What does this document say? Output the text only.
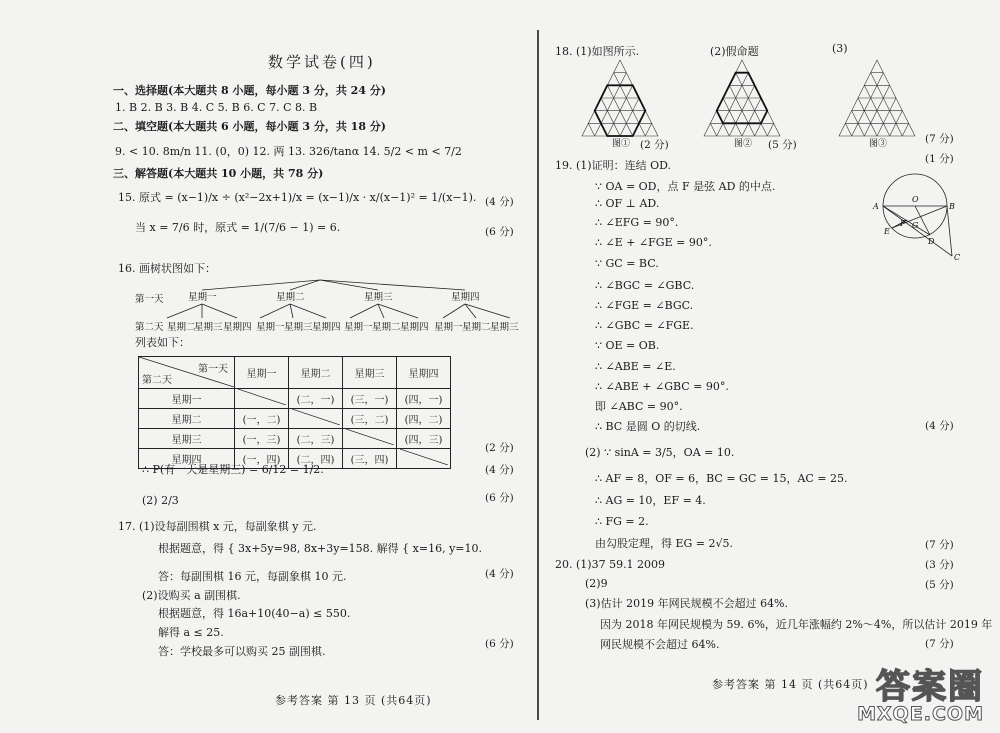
数学试卷(四)
一、选择题(本大题共 8 小题，每小题 3 分，共 24 分)
1. B 2. B 3. B 4. C 5. B 6. C 7. C 8. B
二、填空题(本大题共 6 小题，每小题 3 分，共 18 分)
9. < 10. 8m/n 11. (0，0) 12. 两 13. 326/tanα 14. 5/2 < m < 7/2
三、解答题(本大题共 10 小题，共 78 分)
15. 原式 = (x−1)/x ÷ (x²−2x+1)/x = (x−1)/x · x/(x−1)² = 1/(x−1). (4 分)
当 x = 7/6 时，原式 = 1/(7/6 − 1) = 6.	(6 分)
16. 画树状图如下：
第一天	星期一	星期二	星期三	星期四
第二天 星期二
星期三 星期四 星期一 星期三 星期四 星期一 星期二 星期四 星期一 星期二 星期三
列表如下：
第一天
第二天	星期一	星期二	星期三	星期四
星期一		(二，一)	(三，一)	(四，一)
星期二	(一，二)		(三，二)	(四，二)
星期三	(一，三)	(二，三)		(四，三)
星期四	(一，四)	(二，四)	(三，四)	
(2 分)
∴ P(有一天是星期三) = 6/12 = 1/2.	(4 分)
(2) 2/3	(6 分)
17. (1)设每副围棋 x 元，每副象棋 y 元.
根据题意，得 { 3x+5y=98, 8x+3y=158. 解得 { x=16, y=10.
答：每副围棋 16 元，每副象棋 10 元.	(4 分)
(2)设购买 a 副围棋.
根据题意，得 16a+10(40−a) ≤ 550.
解得 a ≤ 25.
答：学校最多可以购买 25 副围棋.
(6 分)
参考答案 第 13 页 (共64页)
18. (1)如图所示.	(2)假命题	(3)
图① (2 分)	图② (5 分)	图③	(7 分)
19. (1)证明：连结 OD.	(1 分)
∵ OA = OD，点 F 是弦 AD 的中点.
∴ OF ⊥ AD.
∴ ∠EFG = 90°.
∴ ∠E + ∠FGE = 90°.
∵ GC = BC.
∴ ∠BGC = ∠GBC.
∴ ∠FGE = ∠BGC.
∴ ∠GBC = ∠FGE.
∵ OE = OB.
∴ ∠ABE = ∠E.
∴ ∠ABE + ∠GBC = 90°.
即 ∠ABC = 90°.
∴ BC 是圆 O 的切线.	(4 分)
A
O
B
E
F G
D
C
(2) ∵ sinA = 3/5，OA = 10.
∴ AF = 8，OF = 6，BC = GC = 15，AC = 25.
∴ AG = 10，EF = 4.
∴ FG = 2.
由勾股定理，得 EG = 2√5.	(7 分)
20. (1)37 59.1 2009	(3 分)
(2)9	(5 分)
(3)估计 2019 年网民规模不会超过 64%.
因为 2018 年网民规模为 59. 6%，近几年涨幅约 2%～4%，所以估计 2019 年
网民规模不会超过 64%.	(7 分)
参考答案 第 14 页 (共64页) 答案圈
MXQE.COM
